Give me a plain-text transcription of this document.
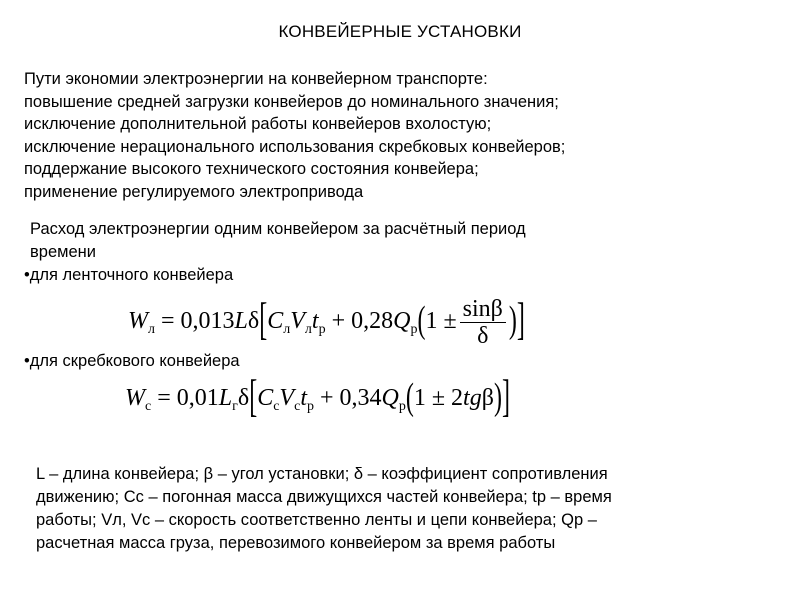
КОНВЕЙЕРНЫЕ УСТАНОВКИ
Пути экономии электроэнергии на конвейерном транспорте:
повышение средней загрузки конвейеров до номинального значения;
исключение дополнительной работы конвейеров вхолостую;
исключение нерационального использования скребковых конвейеров;
поддержание высокого технического состояния конвейера;
применение регулируемого электропривода
Расход электроэнергии одним конвейером за расчётный период
времени
•для ленточного конвейера
$W_л = 0,013L\delta[C_лV_лt_р + 0,28Q_р(1 \pm \frac{\sin\beta}{\delta}$ )]
•для скребкового конвейера
$W_с = 0,01L_г\delta[C_сV_сt_р + 0,34Q_р(1 \pm 2tg\beta)]$
L – длина конвейера; β – угол установки; δ – коэффициент сопротивления
движению; Сс – погонная масса движущихся частей конвейера; tр – время
работы; Vл, Vс – скорость соответственно ленты и цепи конвейера; Qр –
расчетная масса груза, перевозимого конвейером за время работы
